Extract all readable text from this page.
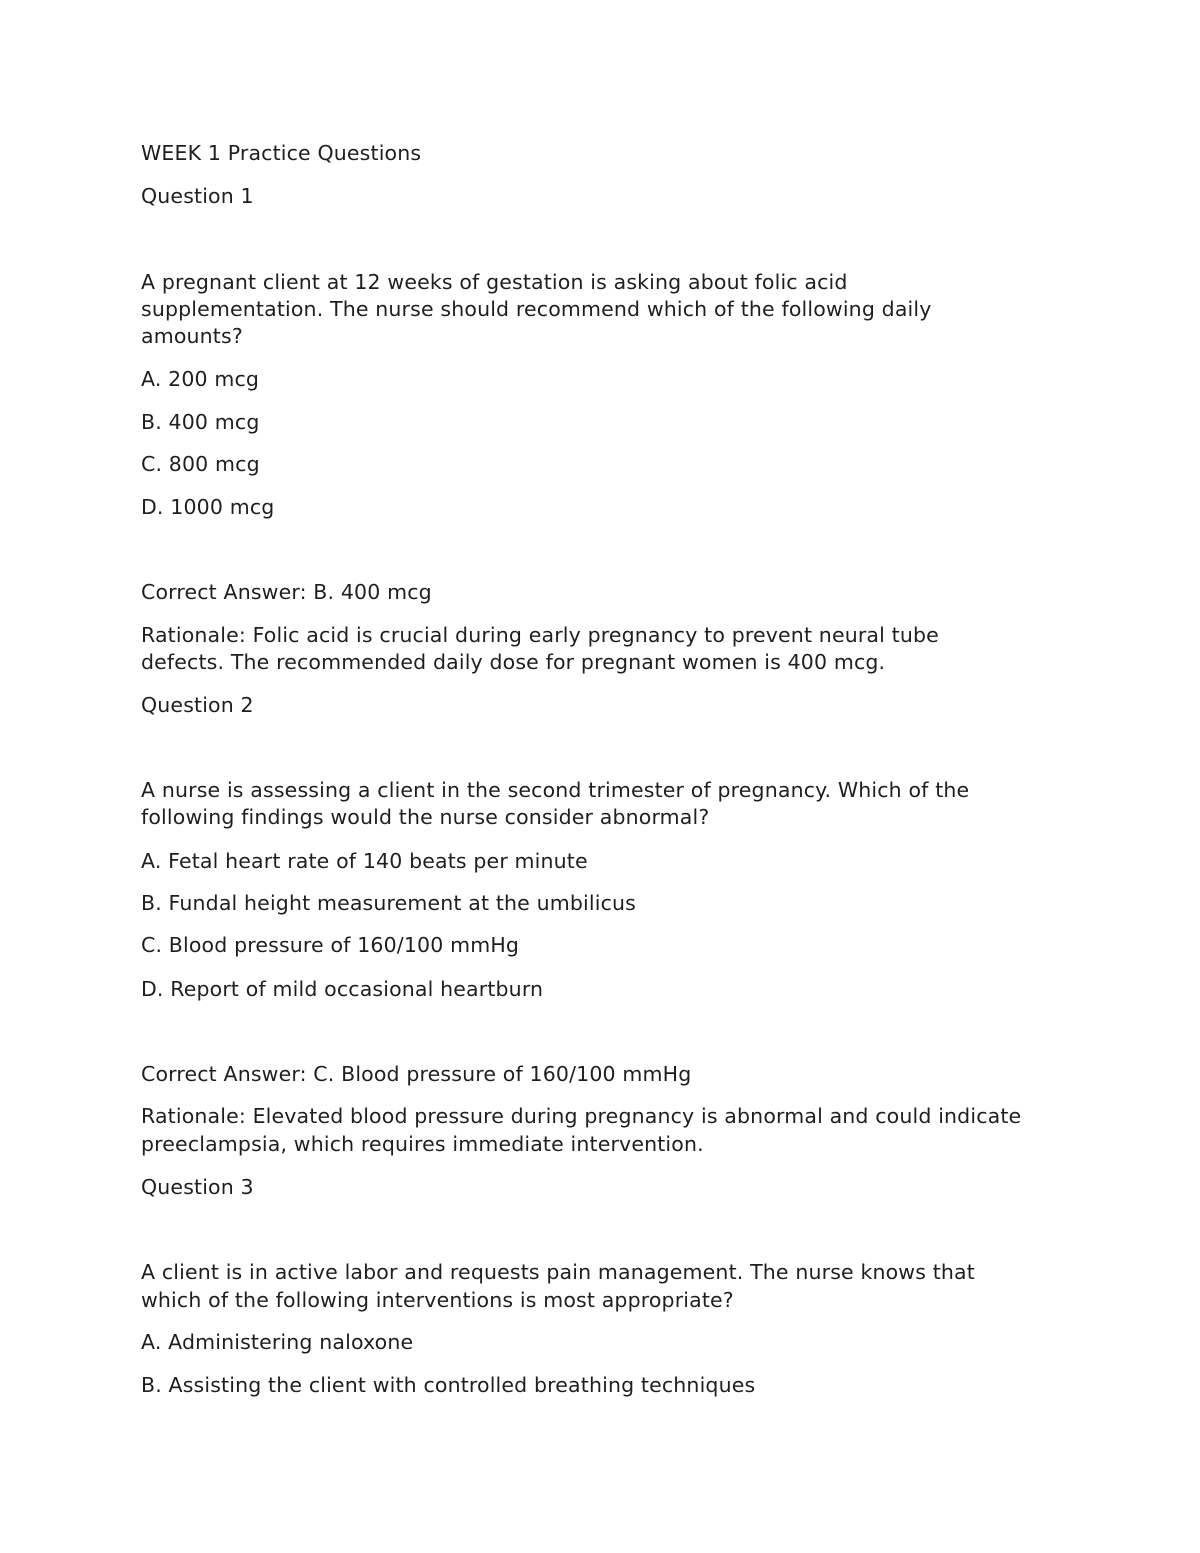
WEEK 1 Practice Questions

Question 1

A pregnant client at 12 weeks of gestation is asking about folic acid

supplementation. The nurse should recommend which of the following daily

amounts?

A. 200 mcg

B. 400 mcg

C. 800 mcg

D. 1000 mcg

Correct Answer: B. 400 mcg

Rationale: Folic acid is crucial during early pregnancy to prevent neural tube

defects. The recommended daily dose for pregnant women is 400 mcg.

Question 2

A nurse is assessing a client in the second trimester of pregnancy. Which of the

following findings would the nurse consider abnormal?

A. Fetal heart rate of 140 beats per minute

B. Fundal height measurement at the umbilicus

C. Blood pressure of 160/100 mmHg

D. Report of mild occasional heartburn

Correct Answer: C. Blood pressure of 160/100 mmHg

Rationale: Elevated blood pressure during pregnancy is abnormal and could indicate

preeclampsia, which requires immediate intervention.

Question 3

A client is in active labor and requests pain management. The nurse knows that

which of the following interventions is most appropriate?

A. Administering naloxone

B. Assisting the client with controlled breathing techniques
